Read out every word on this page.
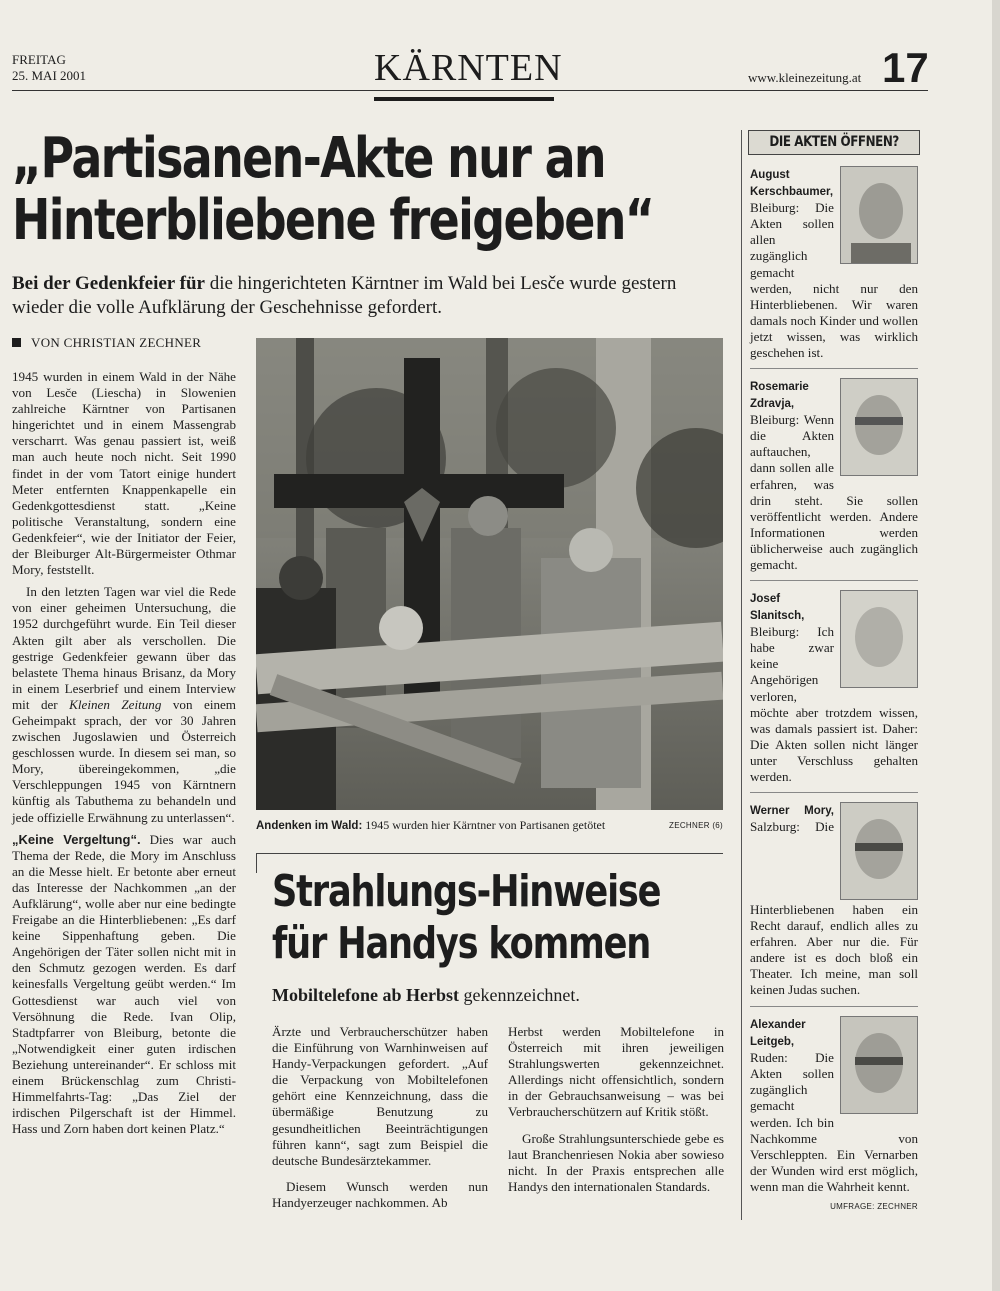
FREITAG
25. MAI 2001	KÄRNTEN	www.kleinezeitung.at 17
„Partisanen-Akte nur an
Hinterbliebene freigeben“
Bei der Gedenkfeier für die hingerichteten Kärntner im Wald bei Lesče wurde gestern wieder die volle Aufklärung der Geschehnisse gefordert.
VON CHRISTIAN ZECHNER

1945 wurden in einem Wald in der Nähe von Lesče (Liescha) in Slowenien zahlreiche Kärntner von Partisanen hingerichtet und in einem Massengrab verscharrt. Was genau passiert ist, weiß man auch heute noch nicht. Seit 1990 findet in der vom Tatort einige hundert Meter entfernten Knappenkapelle ein Gedenkgottesdienst statt. „Keine politische Veranstaltung, sondern eine Gedenkfeier“, wie der Initiator der Feier, der Bleiburger Alt-Bürgermeister Othmar Mory, feststellt.

In den letzten Tagen war viel die Rede von einer geheimen Untersuchung, die 1952 durchgeführt wurde. Ein Teil dieser Akten gilt aber als verschollen. Die gestrige Gedenkfeier gewann über das belastete Thema hinaus Brisanz, da Mory in einem Leserbrief und einem Interview mit der Kleinen Zeitung von einem Geheimpakt sprach, der vor 30 Jahren zwischen Jugoslawien und Österreich geschlossen wurde. In diesem sei man, so Mory, übereingekommen, „die Verschleppungen 1945 von Kärntnern künftig als Tabuthema zu behandeln und jede offizielle Erwähnung zu unterlassen“.

„Keine Vergeltung“. Dies war auch Thema der Rede, die Mory im Anschluss an die Messe hielt. Er betonte aber erneut das Interesse der Nachkommen „an der Aufklärung“, wolle aber nur eine bedingte Freigabe an die Hinterbliebenen: „Es darf keine Sippenhaftung geben. Die Angehörigen der Täter sollen nicht mit in den Schmutz gezogen werden. Es darf keinesfalls Vergeltung geübt werden.“ Im Gottesdienst war auch viel von Versöhnung die Rede. Ivan Olip, Stadtpfarrer von Bleiburg, betonte die „Notwendigkeit einer guten irdischen Beziehung untereinander“. Er schloss mit einem Brückenschlag zum Christi-Himmelfahrts-Tag: „Das Ziel der irdischen Pilgerschaft ist der Himmel. Hass und Zorn haben dort keinen Platz.“

Andenken im Wald: 1945 wurden hier Kärntner von Partisanen getötet	ZECHNER (6)
Strahlungs-Hinweise
für Handys kommen
Mobiltelefone ab Herbst gekennzeichnet.

Ärzte und Verbraucherschützer haben die Einführung von Warnhinweisen auf Handy-Verpackungen gefordert. „Auf die Verpackung von Mobiltelefonen gehört eine Kennzeichnung, dass die übermäßige Benutzung zu gesundheitlichen Beeinträchtigungen führen kann“, sagt zum Beispiel die deutsche Bundesärztekammer.

Diesem Wunsch werden nun Handyerzeuger nachkommen. Ab

Herbst werden Mobiltelefone in Österreich mit ihren jeweiligen Strahlungswerten gekennzeichnet. Allerdings nicht offensichtlich, sondern in der Gebrauchsanweisung – was bei Verbraucherschützern auf Kritik stößt.

Große Strahlungsunterschiede gebe es laut Branchenriesen Nokia aber sowieso nicht. In der Praxis entsprechen alle Handys den internationalen Standards.

DIE AKTEN ÖFFNEN?

August Kerschbaumer, Bleiburg: Die Akten sollen allen zugänglich gemacht werden, nicht nur den Hinterbliebenen. Wir waren damals noch Kinder und wollen jetzt wissen, was wirklich geschehen ist.

Rosemarie Zdravja, Bleiburg: Wenn die Akten auftauchen, dann sollen alle erfahren, was drin steht. Sie sollen veröffentlicht werden. Andere Informationen werden üblicherweise auch zugänglich gemacht.

Josef Slanitsch, Bleiburg: Ich habe zwar keine Angehörigen verloren, möchte aber trotzdem wissen, was damals passiert ist. Daher: Die Akten sollen nicht länger unter Verschluss gehalten werden.

Werner Mory, Salzburg: Die Hinterbliebenen haben ein Recht darauf, endlich alles zu erfahren. Aber nur die. Für andere ist es doch bloß ein Theater. Ich meine, man soll keinen Judas suchen.

Alexander Leitgeb, Ruden: Die Akten sollen zugänglich gemacht werden. Ich bin Nachkomme von Verschleppten. Ein Vernarben der Wunden wird erst möglich, wenn man die Wahrheit kennt.
UMFRAGE: ZECHNER
